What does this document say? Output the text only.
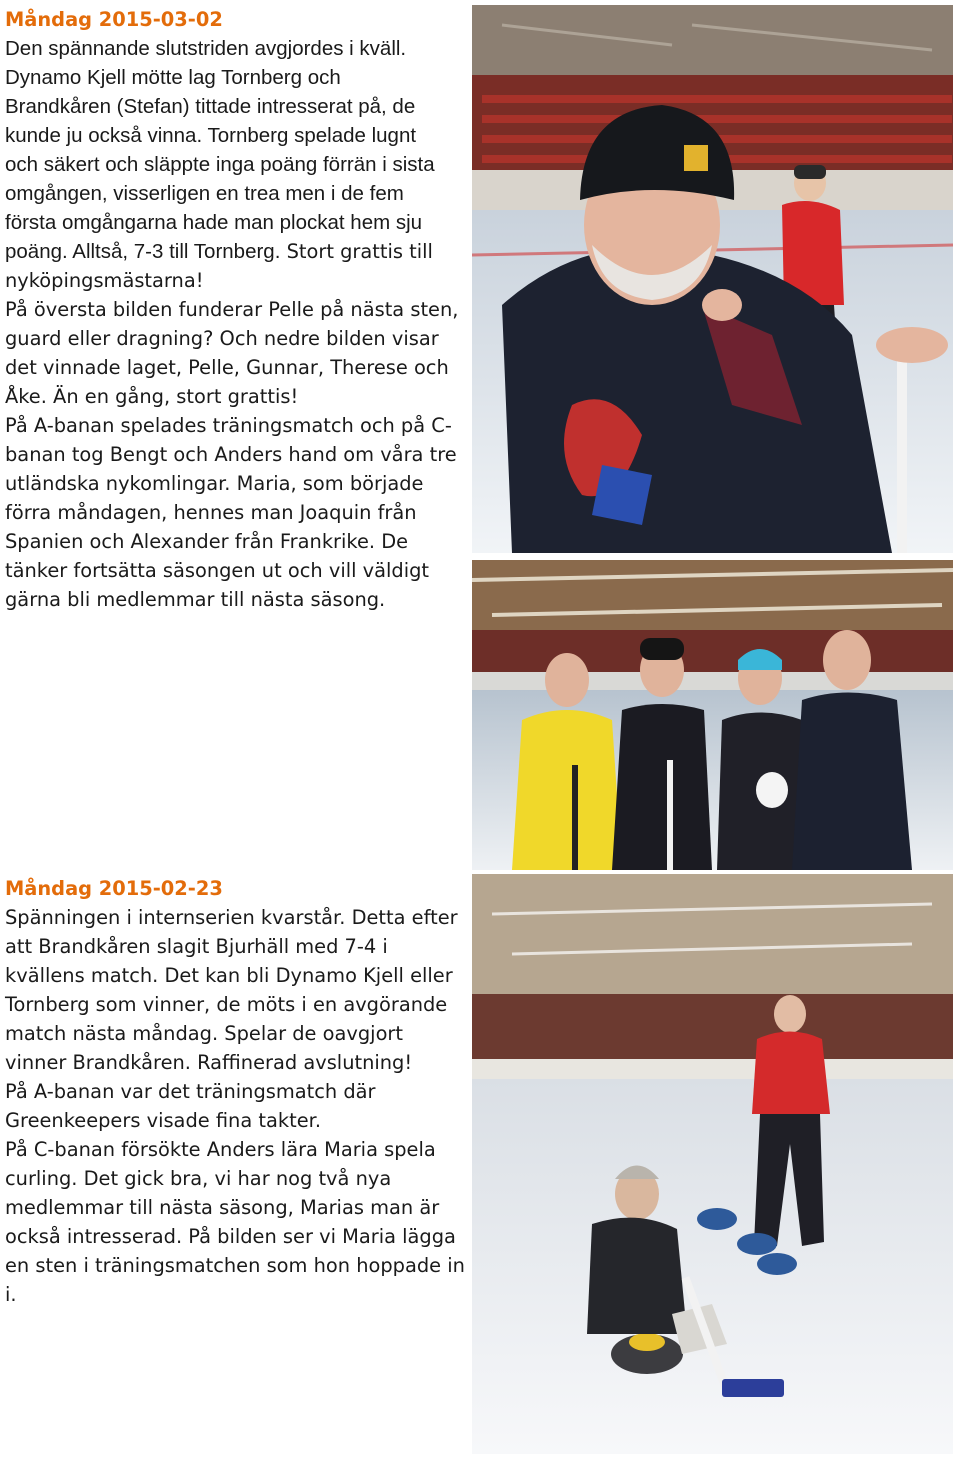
Måndag 2015-03-02

Den spännande slutstriden avgjordes i kväll.
Dynamo Kjell mötte lag Tornberg och
Brandkåren (Stefan) tittade intresserat på, de
kunde ju också vinna. Tornberg spelade lugnt
och säkert och släppte inga poäng förrän i sista
omgången, visserligen en trea men i de fem
första omgångarna hade man plockat hem sju
poäng. Alltså, 7-3 till Tornberg. Stort grattis till nyköpingsmästarna!

På översta bilden funderar Pelle på nästa sten, guard eller dragning? Och nedre bilden visar det vinnade laget, Pelle, Gunnar, Therese och Åke. Än en gång, stort grattis!

På A-banan spelades träningsmatch och på C-banan tog Bengt och Anders hand om våra tre utländska nykomlingar. Maria, som började förra måndagen, hennes man Joaquin från Spanien och Alexander från Frankrike. De tänker fortsätta säsongen ut och vill väldigt gärna bli medlemmar till nästa säsong.

Måndag 2015-02-23

Spänningen i internserien kvarstår. Detta efter att Brandkåren slagit Bjurhäll med 7-4 i kvällens match. Det kan bli Dynamo Kjell eller Tornberg som vinner, de möts i en avgörande match nästa måndag. Spelar de oavgjort vinner Brandkåren. Raffinerad avslutning!

På A-banan var det träningsmatch där Greenkeepers visade fina takter.

På C-banan försökte Anders lära Maria spela curling. Det gick bra, vi har nog två nya medlemmar till nästa säsong, Marias man är också intresserad. På bilden ser vi Maria lägga en sten i träningsmatchen som hon hoppade in i.
